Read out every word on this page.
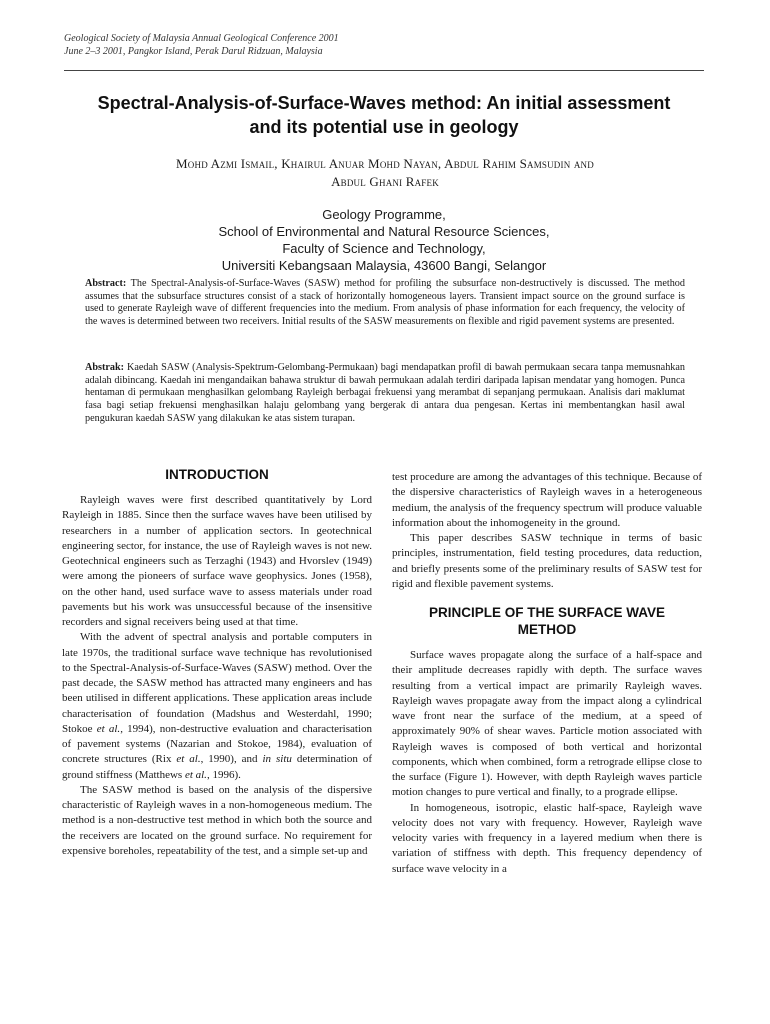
Geological Society of Malaysia Annual Geological Conference 2001
June 2–3 2001, Pangkor Island, Perak Darul Ridzuan, Malaysia
Spectral-Analysis-of-Surface-Waves method: An initial assessment
and its potential use in geology
Mohd Azmi Ismail, Khairul Anuar Mohd Nayan, Abdul Rahim Samsudin and
Abdul Ghani Rafek
Geology Programme,
School of Environmental and Natural Resource Sciences,
Faculty of Science and Technology,
Universiti Kebangsaan Malaysia, 43600 Bangi, Selangor
Abstract: The Spectral-Analysis-of-Surface-Waves (SASW) method for profiling the subsurface non-destructively is discussed. The method assumes that the subsurface structures consist of a stack of horizontally homogeneous layers. Transient impact source on the ground surface is used to generate Rayleigh wave of different frequencies into the medium. From analysis of phase information for each frequency, the velocity of the waves is determined between two receivers. Initial results of the SASW measurements on flexible and rigid pavement systems are presented.
Abstrak: Kaedah SASW (Analysis-Spektrum-Gelombang-Permukaan) bagi mendapatkan profil di bawah permukaan secara tanpa memusnahkan adalah dibincang. Kaedah ini mengandaikan bahawa struktur di bawah permukaan adalah terdiri daripada lapisan mendatar yang homogen. Punca hentaman di permukaan menghasilkan gelombang Rayleigh berbagai frekuensi yang merambat di sepanjang permukaan. Analisis dari maklumat fasa bagi setiap frekuensi menghasilkan halaju gelombang yang bergerak di antara dua pengesan. Kertas ini membentangkan hasil awal pengukuran kaedah SASW yang dilakukan ke atas sistem turapan.
INTRODUCTION

Rayleigh waves were first described quantitatively by Lord Rayleigh in 1885. Since then the surface waves have been utilised by researchers in a number of application sectors. In geotechnical engineering sector, for instance, the use of Rayleigh waves is not new. Geotechnical engineers such as Terzaghi (1943) and Hvorslev (1949) were among the pioneers of surface wave geophysics. Jones (1958), on the other hand, used surface wave to assess materials under road pavements but his work was unsuccessful because of the insensitive recorders and signal receivers being used at that time.

With the advent of spectral analysis and portable computers in late 1970s, the traditional surface wave technique has revolutionised to the Spectral-Analysis-of-Surface-Waves (SASW) method. Over the past decade, the SASW method has attracted many engineers and has been utilised in different applications. These application areas include characterisation of foundation (Madshus and Westerdahl, 1990; Stokoe et al., 1994), non-destructive evaluation and characterisation of pavement systems (Nazarian and Stokoe, 1984), evaluation of concrete structures (Rix et al., 1990), and in situ determination of ground stiffness (Matthews et al., 1996).

The SASW method is based on the analysis of the dispersive characteristic of Rayleigh waves in a non-homogeneous medium. The method is a non-destructive test method in which both the source and the receivers are located on the ground surface. No requirement for expensive boreholes, repeatability of the test, and a simple set-up and

test procedure are among the advantages of this technique. Because of the dispersive characteristics of Rayleigh waves in a heterogeneous medium, the analysis of the frequency spectrum will produce valuable information about the inhomogeneity in the ground.

This paper describes SASW technique in terms of basic principles, instrumentation, field testing procedures, data reduction, and briefly presents some of the preliminary results of SASW test for rigid and flexible pavement systems.

PRINCIPLE OF THE SURFACE WAVE
METHOD

Surface waves propagate along the surface of a half-space and their amplitude decreases rapidly with depth. The surface waves resulting from a vertical impact are primarily Rayleigh waves. Rayleigh waves propagate away from the impact along a cylindrical wave front near the surface of the medium, at a speed of approximately 90% of shear waves. Particle motion associated with Rayleigh waves is composed of both vertical and horizontal components, which when combined, form a retrograde ellipse close to the surface (Figure 1). However, with depth Rayleigh waves particle motion changes to pure vertical and finally, to a prograde ellipse.

In homogeneous, isotropic, elastic half-space, Rayleigh wave velocity does not vary with frequency. However, Rayleigh wave velocity varies with frequency in a layered medium when there is variation of stiffness with depth. This frequency dependency of surface wave velocity in a
